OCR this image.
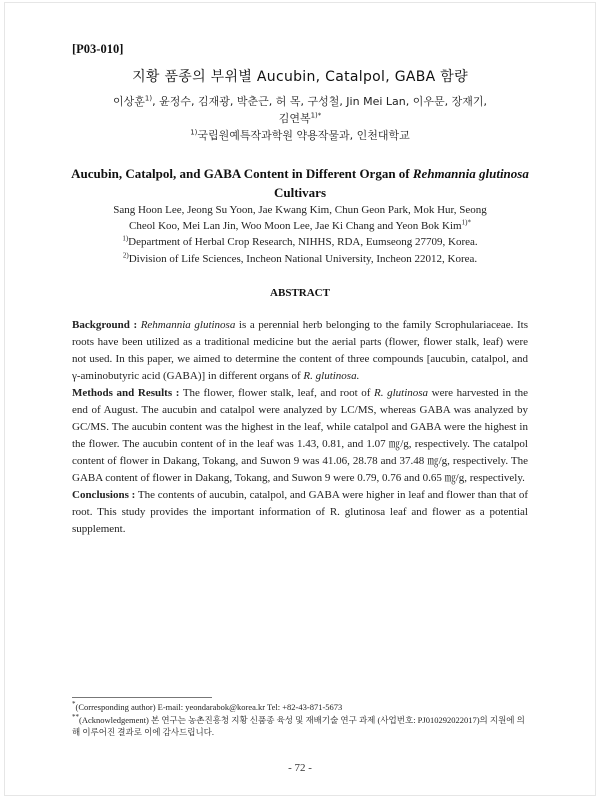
[P03-010]
지황 품종의 부위별 Aucubin, Catalpol, GABA 함량
이상훈$^{1)}$, 윤정수, 김재광, 박춘근, 허 목, 구성철, Jin Mei Lan, 이우문, 장재기,
김연복$^{1)*}$
$^{1)}$국립원예특작과학원 약용작물과, 인천대학교
Aucubin, Catalpol, and GABA Content in Different Organ of Rehmannia glutinosa Cultivars
Sang Hoon Lee, Jeong Su Yoon, Jae Kwang Kim, Chun Geon Park, Mok Hur, Seong
Cheol Koo, Mei Lan Jin, Woo Moon Lee, Jae Ki Chang and Yeon Bok Kim$^{1)*}$
$^{1)}$Department of Herbal Crop Research, NIHHS, RDA, Eumseong 27709, Korea.
$^{2)}$Division of Life Sciences, Incheon National University, Incheon 22012, Korea.
ABSTRACT

Background : Rehmannia glutinosa is a perennial herb belonging to the family Scrophulariaceae. Its roots have been utilized as a traditional medicine but the aerial parts (flower, flower stalk, leaf) were not used. In this paper, we aimed to determine the content of three compounds [aucubin, catalpol, and γ-aminobutyric acid (GABA)] in different organs of R. glutinosa.

Methods and Results : The flower, flower stalk, leaf, and root of R. glutinosa were harvested in the end of August. The aucubin and catalpol were analyzed by LC/MS, whereas GABA was analyzed by GC/MS. The aucubin content was the highest in the leaf, while catalpol and GABA were the highest in the flower. The aucubin content of in the leaf was 1.43, 0.81, and 1.07 ㎎/g, respectively. The catalpol content of flower in Dakang, Tokang, and Suwon 9 was 41.06, 28.78 and 37.48 ㎎/g, respectively. The GABA content of flower in Dakang, Tokang, and Suwon 9 were 0.79, 0.76 and 0.65 ㎎/g, respectively.

Conclusions : The contents of aucubin, catalpol, and GABA were higher in leaf and flower than that of root. This study provides the important information of R. glutinosa leaf and flower as a potential supplement.

*(Corresponding author) E-mail: yeondarabok@korea.kr Tel: +82-43-871-5673
**(Acknowledgement) 본 연구는 농촌진흥청 지황 신품종 육성 및 재배기술 연구 과제 (사업번호: PJ010292022017)의 지원에 의해 이루어진 결과로 이에 감사드립니다.
- 72 -
